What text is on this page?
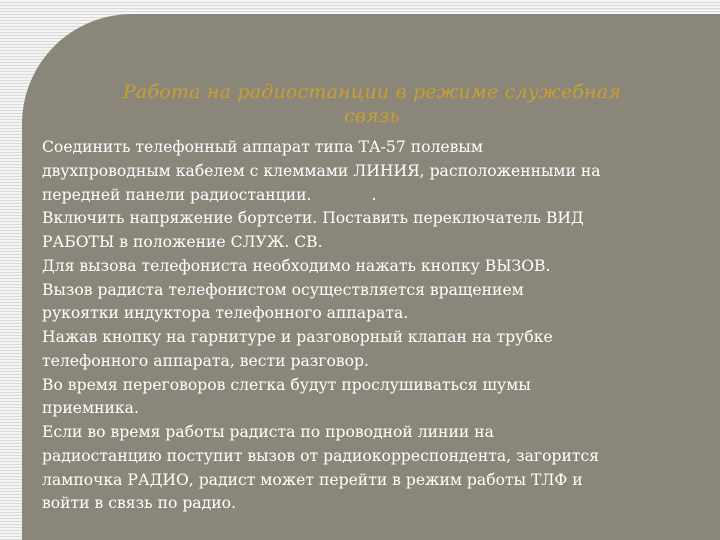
Работа на радиостанции в режиме служебная
связь

Соединить телефонный аппарат типа ТА-57 полевым
двухпроводным кабелем с клеммами ЛИНИЯ, расположенными на
передней панели радиостанции.	.

Включить напряжение бортсети. Поставить переключатель ВИД
РАБОТЫ в положение СЛУЖ. СВ.

Для вызова телефониста необходимо нажать кнопку ВЫЗОВ.

Вызов радиста телефонистом осуществляется вращением
рукоятки индуктора телефонного аппарата.

Нажав кнопку на гарнитуре и разговорный клапан на трубке
телефонного аппарата, вести разговор.

Во время переговоров слегка будут прослушиваться шумы
приемника.

Если во время работы радиста по проводной линии на
радиостанцию поступит вызов от радиокорреспондента, загорится
лампочка РАДИО, радист может перейти в режим работы ТЛФ и
войти в связь по радио.
